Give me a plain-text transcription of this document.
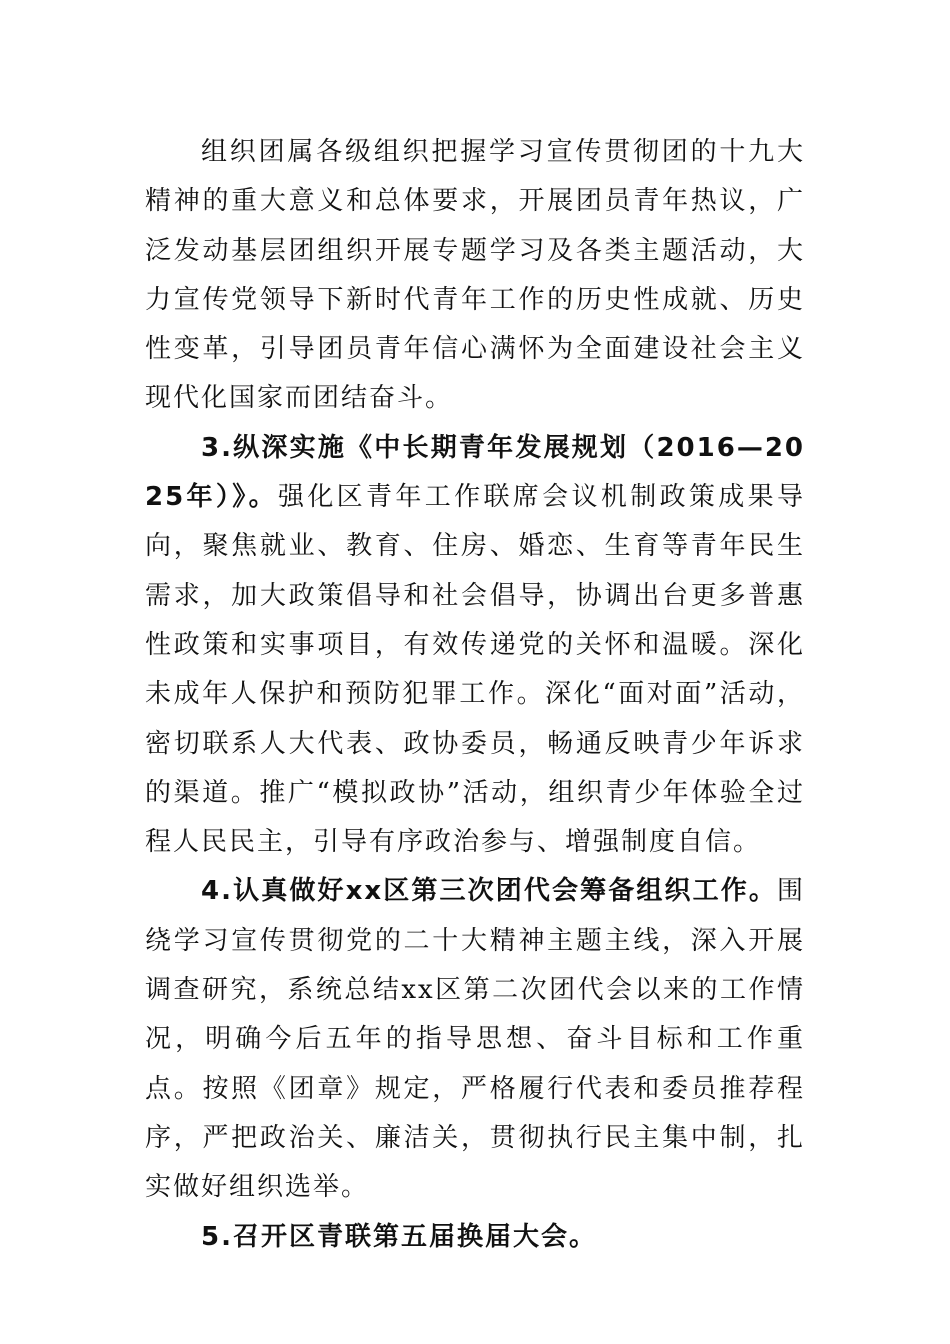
组织团属各级组织把握学习宣传贯彻团的十九大精神的重大意义和总体要求，开展团员青年热议，广泛发动基层团组织开展专题学习及各类主题活动，大力宣传党领导下新时代青年工作的历史性成就、历史性变革，引导团员青年信心满怀为全面建设社会主义现代化国家而团结奋斗。

3.纵深实施《中长期青年发展规划（2016—2025年）》。强化区青年工作联席会议机制政策成果导向，聚焦就业、教育、住房、婚恋、生育等青年民生需求，加大政策倡导和社会倡导，协调出台更多普惠性政策和实事项目，有效传递党的关怀和温暖。深化未成年人保护和预防犯罪工作。深化“面对面”活动，密切联系人大代表、政协委员，畅通反映青少年诉求的渠道。推广“模拟政协”活动，组织青少年体验全过程人民民主，引导有序政治参与、增强制度自信。

4.认真做好xx区第三次团代会筹备组织工作。围绕学习宣传贯彻党的二十大精神主题主线，深入开展调查研究，系统总结xx区第二次团代会以来的工作情况，明确今后五年的指导思想、奋斗目标和工作重点。按照《团章》规定，严格履行代表和委员推荐程序，严把政治关、廉洁关，贯彻执行民主集中制，扎实做好组织选举。

5.召开区青联第五届换届大会。
